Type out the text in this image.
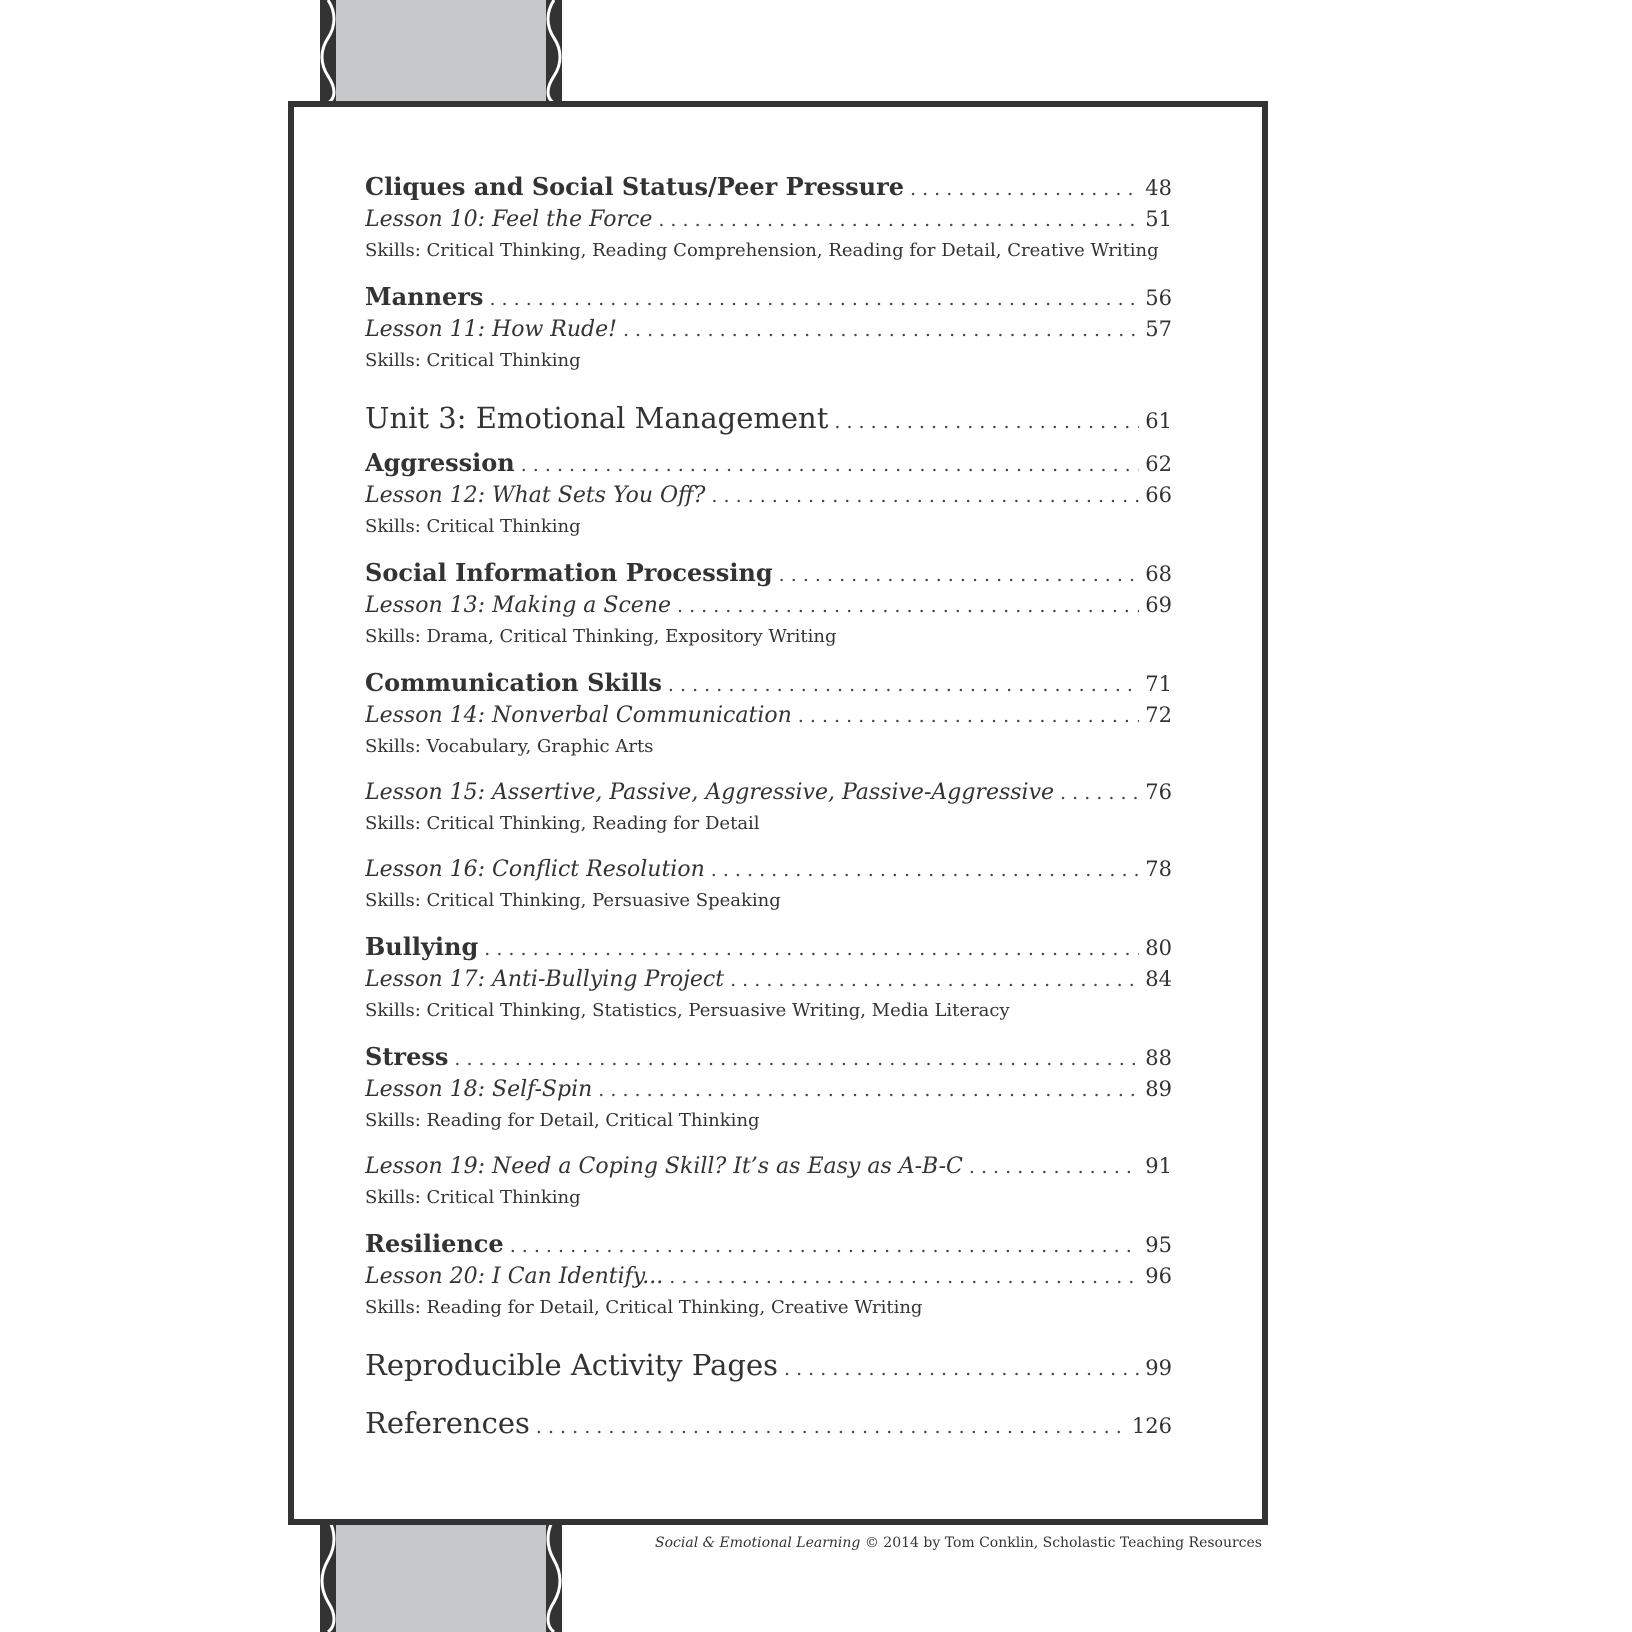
Cliques and Social Status/Peer Pressure . . .	48
Lesson 10: Feel the Force . . .	51
Skills: Critical Thinking, Reading Comprehension, Reading for Detail, Creative Writing
Manners . . .	56
Lesson 11: How Rude! . . .	57
Skills: Critical Thinking
Unit 3: Emotional Management . . .	61
Aggression . . .	62
Lesson 12: What Sets You Off? . . .	66
Skills: Critical Thinking
Social Information Processing . . .	68
Lesson 13: Making a Scene . . .	69
Skills: Drama, Critical Thinking, Expository Writing
Communication Skills . . .	71
Lesson 14: Nonverbal Communication . . .	72
Skills: Vocabulary, Graphic Arts
Lesson 15: Assertive, Passive, Aggressive, Passive-Aggressive . . .	76
Skills: Critical Thinking, Reading for Detail
Lesson 16: Conflict Resolution . . .	78
Skills: Critical Thinking, Persuasive Speaking
Bullying . . .	80
Lesson 17: Anti-Bullying Project . . .	84
Skills: Critical Thinking, Statistics, Persuasive Writing, Media Literacy
Stress . . .	88
Lesson 18: Self-Spin . . .	89
Skills: Reading for Detail, Critical Thinking
Lesson 19: Need a Coping Skill? It’s as Easy as A-B-C . . .	91
Skills: Critical Thinking
Resilience . . .	95
Lesson 20: I Can Identify... . . .	96
Skills: Reading for Detail, Critical Thinking, Creative Writing
Reproducible Activity Pages . . .	99
References . . .	126
Social & Emotional Learning © 2014 by Tom Conklin, Scholastic Teaching Resources
